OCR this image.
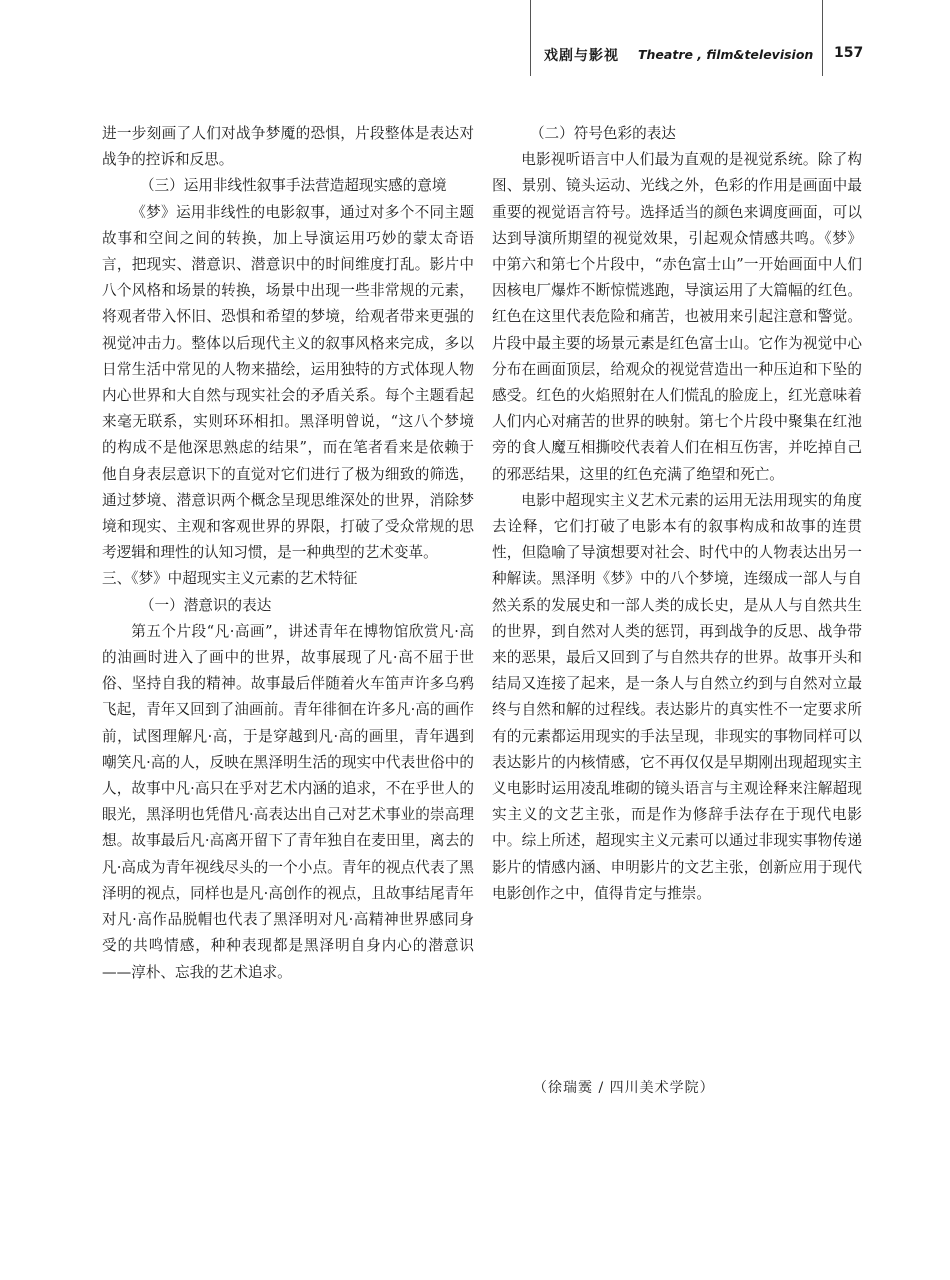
戏剧与影视 Theatre , film&television 157

进一步刻画了人们对战争梦魇的恐惧，片段整体是表达对战争的控诉和反思。

（三）运用非线性叙事手法营造超现实感的意境

《梦》运用非线性的电影叙事，通过对多个不同主题故事和空间之间的转换，加上导演运用巧妙的蒙太奇语言，把现实、潜意识、潜意识中的时间维度打乱。影片中八个风格和场景的转换，场景中出现一些非常规的元素，将观者带入怀旧、恐惧和希望的梦境，给观者带来更强的视觉冲击力。整体以后现代主义的叙事风格来完成，多以日常生活中常见的人物来描绘，运用独特的方式体现人物内心世界和大自然与现实社会的矛盾关系。每个主题看起来毫无联系，实则环环相扣。黑泽明曾说，“这八个梦境的构成不是他深思熟虑的结果”，而在笔者看来是依赖于他自身表层意识下的直觉对它们进行了极为细致的筛选，通过梦境、潜意识两个概念呈现思维深处的世界，消除梦境和现实、主观和客观世界的界限，打破了受众常规的思考逻辑和理性的认知习惯，是一种典型的艺术变革。

三、《梦》中超现实主义元素的艺术特征

（一）潜意识的表达

第五个片段“凡·高画”，讲述青年在博物馆欣赏凡·高的油画时进入了画中的世界，故事展现了凡·高不屈于世俗、坚持自我的精神。故事最后伴随着火车笛声许多乌鸦飞起，青年又回到了油画前。青年徘徊在许多凡·高的画作前，试图理解凡·高，于是穿越到凡·高的画里，青年遇到嘲笑凡·高的人，反映在黑泽明生活的现实中代表世俗中的人，故事中凡·高只在乎对艺术内涵的追求，不在乎世人的眼光，黑泽明也凭借凡·高表达出自己对艺术事业的崇高理想。故事最后凡·高离开留下了青年独自在麦田里，离去的凡·高成为青年视线尽头的一个小点。青年的视点代表了黑泽明的视点，同样也是凡·高创作的视点，且故事结尾青年对凡·高作品脱帽也代表了黑泽明对凡·高精神世界感同身受的共鸣情感，种种表现都是黑泽明自身内心的潜意识——淳朴、忘我的艺术追求。

（二）符号色彩的表达

电影视听语言中人们最为直观的是视觉系统。除了构图、景别、镜头运动、光线之外，色彩的作用是画面中最重要的视觉语言符号。选择适当的颜色来调度画面，可以达到导演所期望的视觉效果，引起观众情感共鸣。《梦》中第六和第七个片段中，“赤色富士山”一开始画面中人们因核电厂爆炸不断惊慌逃跑，导演运用了大篇幅的红色。红色在这里代表危险和痛苦，也被用来引起注意和警觉。片段中最主要的场景元素是红色富士山。它作为视觉中心分布在画面顶层，给观众的视觉营造出一种压迫和下坠的感受。红色的火焰照射在人们慌乱的脸庞上，红光意味着人们内心对痛苦的世界的映射。第七个片段中聚集在红池旁的食人魔互相撕咬代表着人们在相互伤害，并吃掉自己的邪恶结果，这里的红色充满了绝望和死亡。

电影中超现实主义艺术元素的运用无法用现实的角度去诠释，它们打破了电影本有的叙事构成和故事的连贯性，但隐喻了导演想要对社会、时代中的人物表达出另一种解读。黑泽明《梦》中的八个梦境，连缀成一部人与自然关系的发展史和一部人类的成长史，是从人与自然共生的世界，到自然对人类的惩罚，再到战争的反思、战争带来的恶果，最后又回到了与自然共存的世界。故事开头和结局又连接了起来，是一条人与自然立约到与自然对立最终与自然和解的过程线。表达影片的真实性不一定要求所有的元素都运用现实的手法呈现，非现实的事物同样可以表达影片的内核情感，它不再仅仅是早期刚出现超现实主义电影时运用凌乱堆砌的镜头语言与主观诠释来注解超现实主义的文艺主张，而是作为修辞手法存在于现代电影中。综上所述，超现实主义元素可以通过非现实事物传递影片的情感内涵、申明影片的文艺主张，创新应用于现代电影创作之中，值得肯定与推崇。

（徐瑞霙 / 四川美术学院）
